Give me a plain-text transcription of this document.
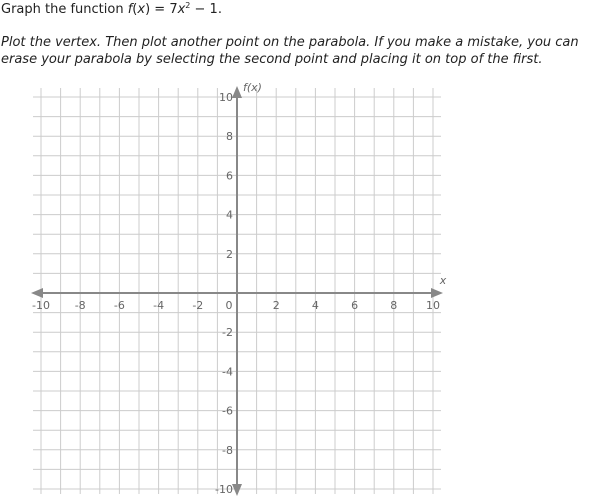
Graph the function $f(x) = 7x^2 - 1$.
Plot the vertex. Then plot another point on the parabola. If you make a mistake, you can
erase your parabola by selecting the second point and placing it on top of the first.
-10 -8	-6	-4	-2	2	4	6	8	10
10
8
6
4
2
-2
-4
-6
-8
-10
x
f(x)
0
